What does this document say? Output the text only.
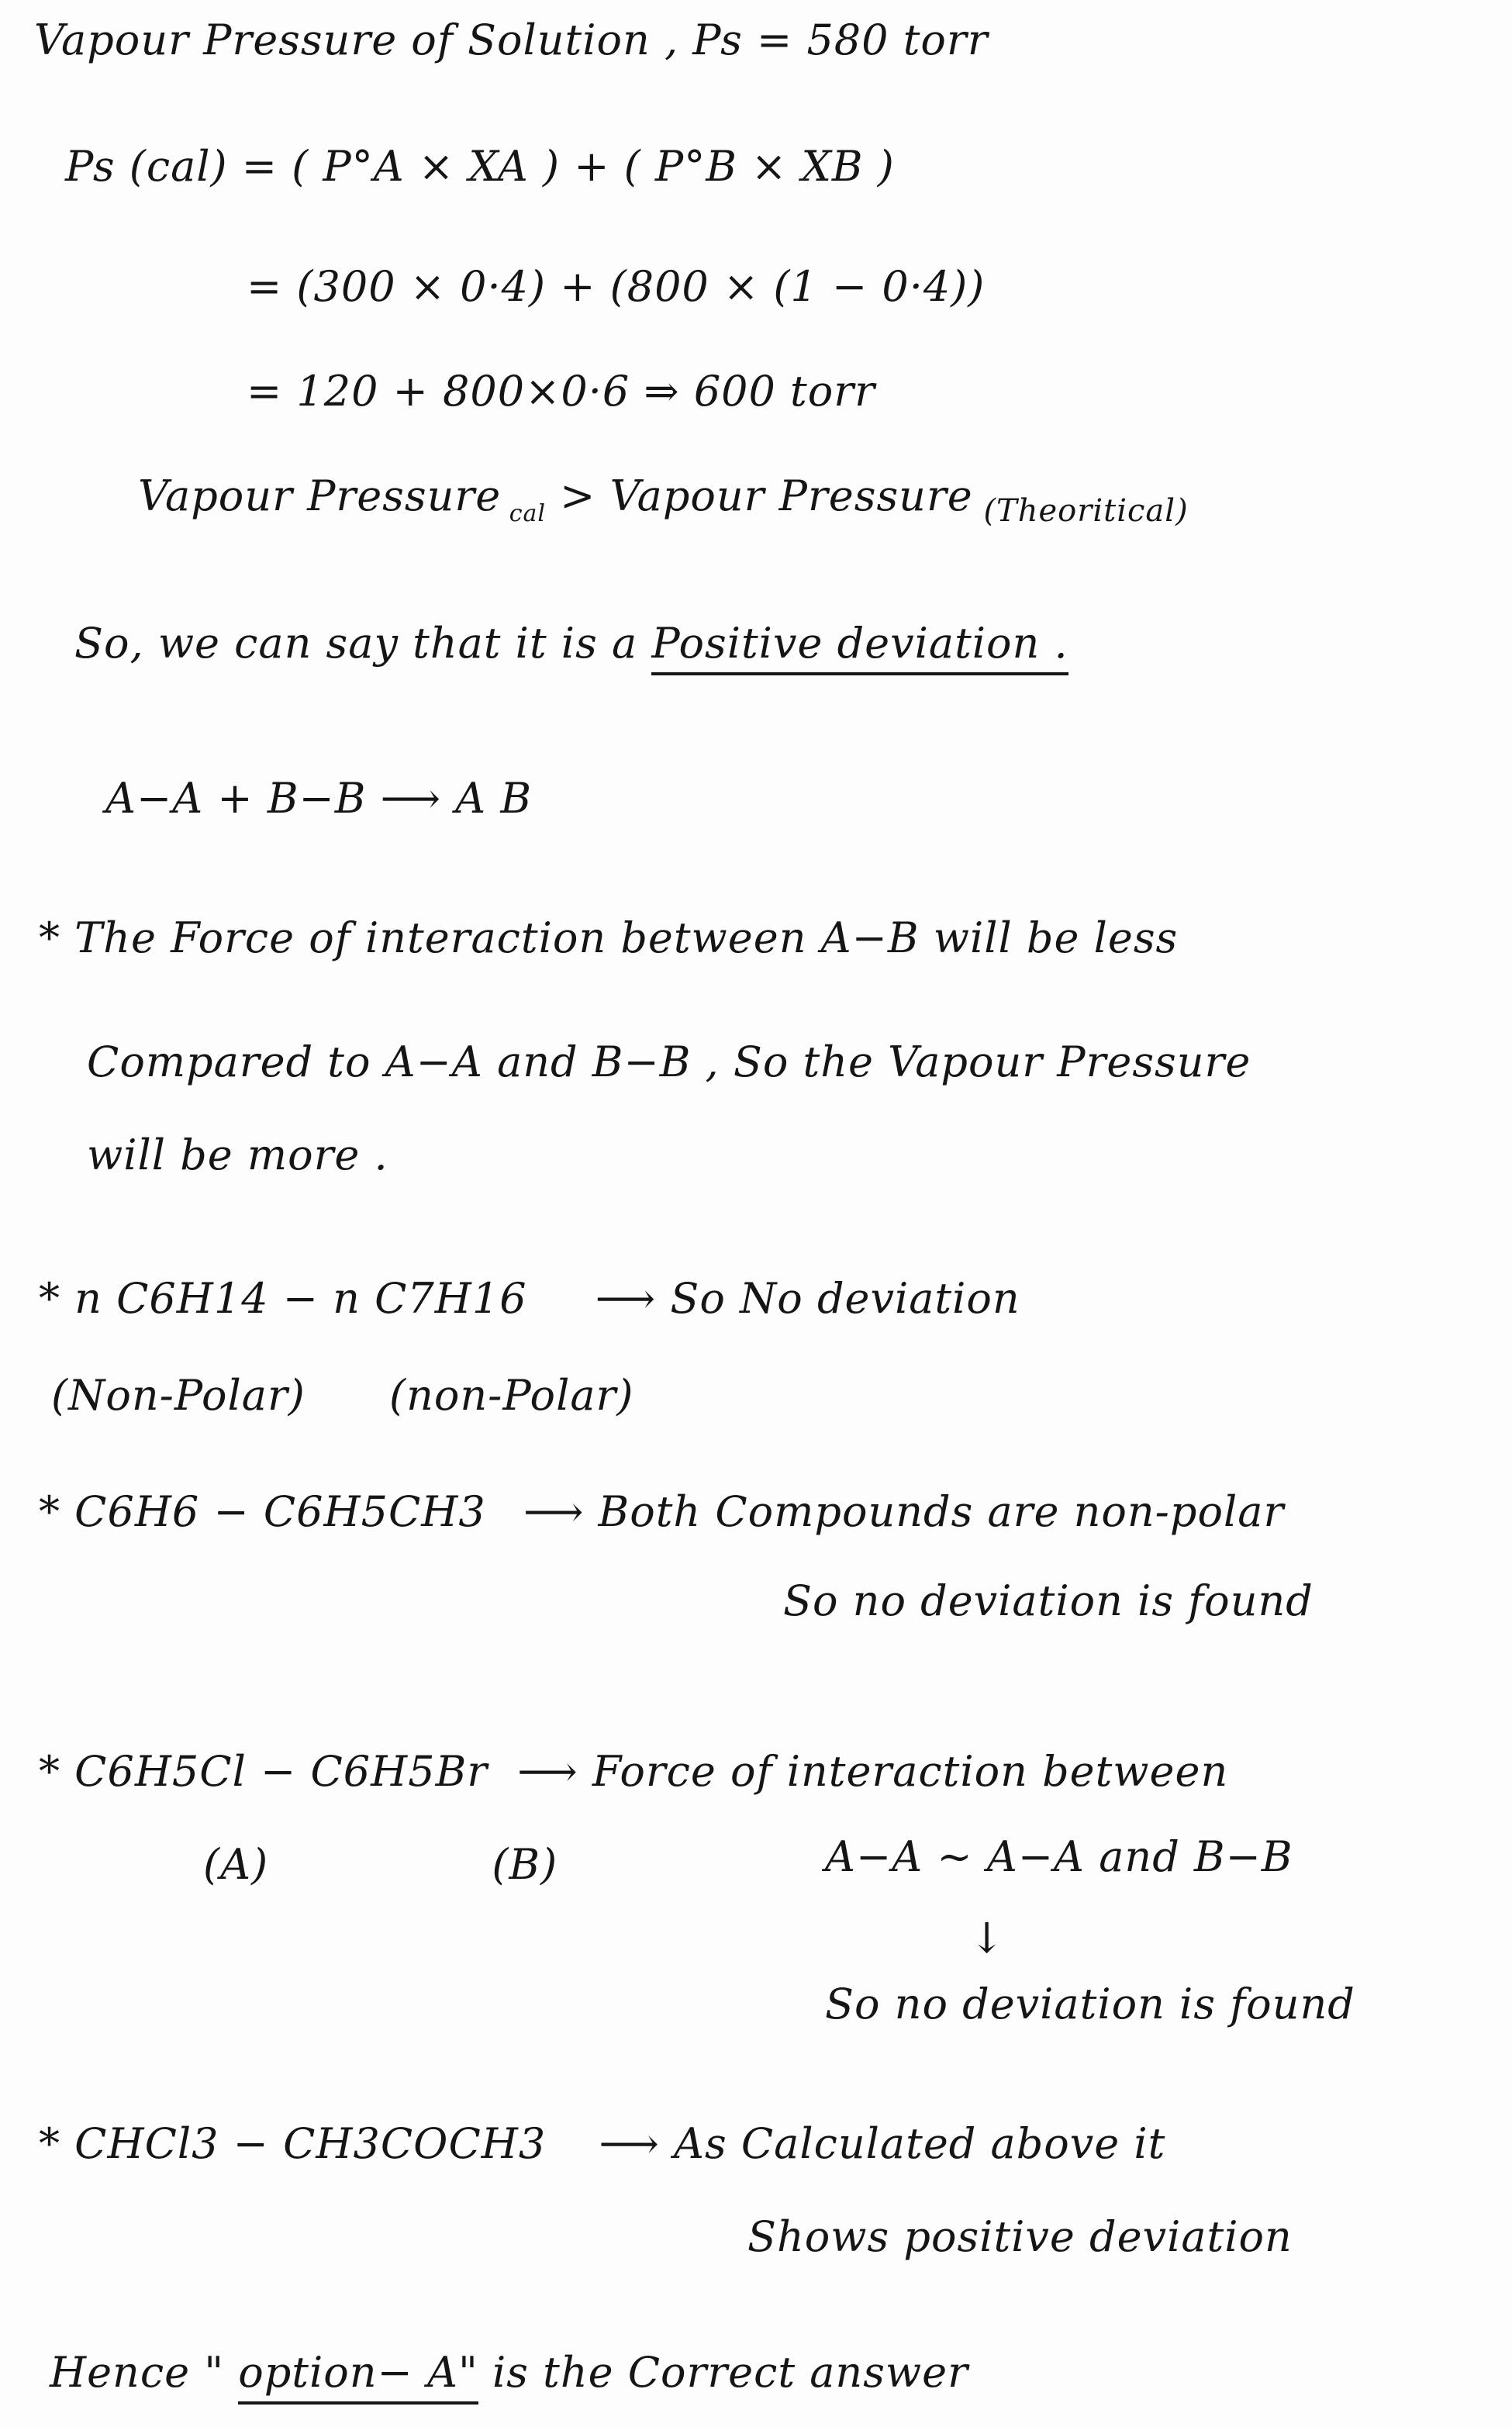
Vapour Pressure of Solution , Ps = 580 torr
Ps (cal) = ( P°A × XA ) + ( P°B × XB )
= (300 × 0·4) + (800 × (1 − 0·4))
= 120 + 800×0·6 ⇒ 600 torr
Vapour Pressure $_{cal}$ > Vapour Pressure $_{(Theoritical)}$
So, we can say that it is a Positive deviation .
A−A + B−B ⟶ A B
* The Force of interaction between A−B will be less
Compared to A−A and B−B , So the Vapour Pressure
will be more .
* n C6H14 − n C7H16 ⟶ So No deviation
(Non-Polar) (non-Polar)
* C6H6 − C6H5CH3 ⟶ Both Compounds are non-polar
So no deviation is found
* C6H5Cl − C6H5Br ⟶ Force of interaction between
(A)	(B)	A−A ∼ A−A and B−B
↓
So no deviation is found
* CHCl3 − CH3COCH3 ⟶ As Calculated above it
Shows positive deviation
Hence " option− A" is the Correct answer
